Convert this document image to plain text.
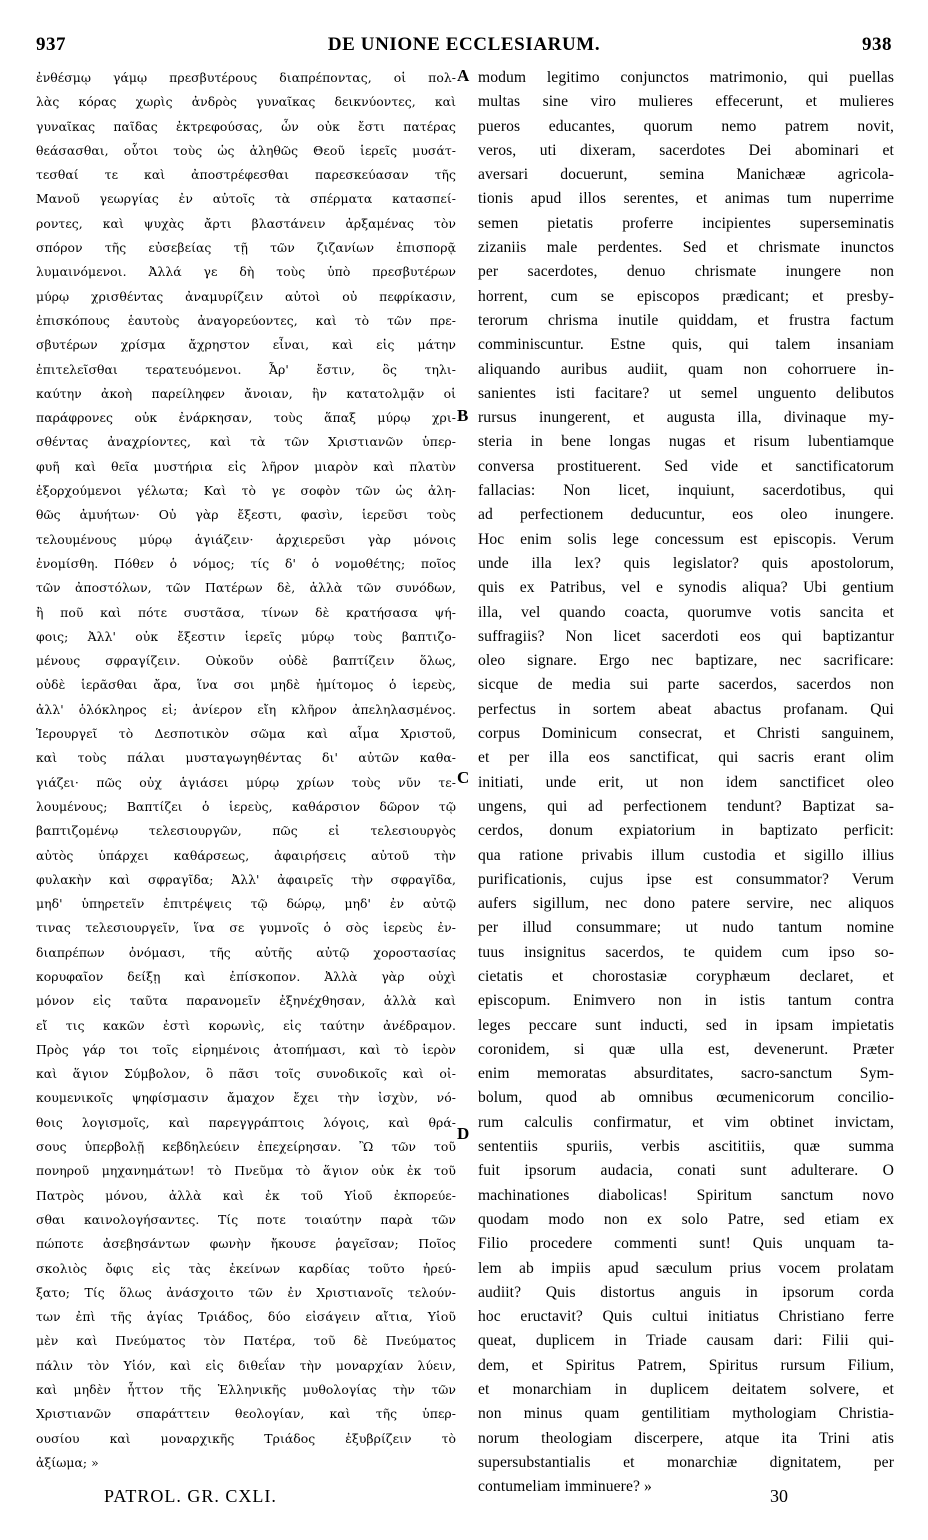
937	DE UNIONE ECCLESIARUM.	938
ἐνθέσμῳ γάμῳ πρεσβυτέρους διαπρέποντας, οἱ πολ-
λὰς κόρας χωρὶς ἀνδρὸς γυναῖκας δεικνύοντες, καὶ
γυναῖκας παῖδας ἐκτρεφούσας, ὧν οὐκ ἔστι πατέρας
θεάσασθαι, οὗτοι τοὺς ὡς ἀληθῶς Θεοῦ ἱερεῖς μυσάτ-
τεσθαί τε καὶ ἀποστρέφεσθαι παρεσκεύασαν τῆς
Μανοῦ γεωργίας ἐν αὐτοῖς τὰ σπέρματα κατασπεί-
ροντες, καὶ ψυχὰς ἄρτι βλαστάνειν ἀρξαμένας τὸν
σπόρον τῆς εὐσεβείας τῇ τῶν ζιζανίων ἐπισπορᾷ
λυμαινόμενοι. Ἀλλά γε δὴ τοὺς ὑπὸ πρεσβυτέρων
μύρῳ χρισθέντας ἀναμυρίζειν αὐτοὶ οὐ πεφρίκασιν,
ἐπισκόπους ἑαυτοὺς ἀναγορεύοντες, καὶ τὸ τῶν πρε-
σβυτέρων χρίσμα ἄχρηστον εἶναι, καὶ εἰς μάτην
ἐπιτελεῖσθαι τερατευόμενοι. Ἆρ' ἔστιν, ὃς τηλι-
καύτην ἀκοὴ παρείληφεν ἄνοιαν, ἣν κατατολμᾷν οἱ
παράφρονες οὐκ ἐνάρκησαν, τοὺς ἅπαξ μύρῳ χρι-
σθέντας ἀναχρίοντες, καὶ τὰ τῶν Χριστιανῶν ὑπερ-
φυῆ καὶ θεῖα μυστήρια εἰς λῆρον μιαρὸν καὶ πλατὺν
ἐξορχούμενοι γέλωτα; Καὶ τὸ γε σοφὸν τῶν ὡς ἀλη-
θῶς ἀμυήτων· Οὐ γὰρ ἔξεστι, φασὶν, ἱερεῦσι τοὺς
τελουμένους μύρῳ ἁγιάζειν· ἀρχιερεῦσι γὰρ μόνοις
ἐνομίσθη. Πόθεν ὁ νόμος; τίς δ' ὁ νομοθέτης; ποῖος
τῶν ἀποστόλων, τῶν Πατέρων δὲ, ἀλλὰ τῶν συνόδων,
ἢ ποῦ καὶ πότε συστᾶσα, τίνων δὲ κρατήσασα ψή-
φοις; Ἀλλ' οὐκ ἔξεστιν ἱερεῖς μύρῳ τοὺς βαπτιζο-
μένους σφραγίζειν. Οὐκοῦν οὐδὲ βαπτίζειν ὅλως,
οὐδὲ ἱερᾶσθαι ἄρα, ἵνα σοι μηδὲ ἡμίτομος ὁ ἱερεὺς,
ἀλλ' ὁλόκληρος εἰ; ἀνίερον εἴη κλῆρον ἀπεληλασμένος.
Ἱερουργεῖ τὸ Δεσποτικὸν σῶμα καὶ αἷμα Χριστοῦ,
καὶ τοὺς πάλαι μυσταγωγηθέντας δι' αὐτῶν καθα-
γιάζει· πῶς οὐχ ἁγιάσει μύρῳ χρίων τοὺς νῦν τε-
λουμένους; Βαπτίζει ὁ ἱερεὺς, καθάρσιον δῶρον τῷ
βαπτιζομένῳ τελεσιουργῶν, πῶς εἰ τελεσιουργὸς
αὐτὸς ὑπάρχει καθάρσεως, ἀφαιρήσεις αὐτοῦ τὴν
φυλακὴν καὶ σφραγῖδα; Ἀλλ' ἀφαιρεῖς τὴν σφραγῖδα,
μηδ' ὑπηρετεῖν ἐπιτρέψεις τῷ δώρῳ, μηδ' ἐν αὐτῷ
τινας τελεσιουργεῖν, ἵνα σε γυμνοῖς ὁ σὸς ἱερεὺς ἐν-
διαπρέπων ὀνόμασι, τῆς αὐτῆς αὐτῷ χοροστασίας
κορυφαῖον δείξῃ καὶ ἐπίσκοπον. Ἀλλὰ γὰρ οὐχὶ
μόνον εἰς ταῦτα παρανομεῖν ἐξηνέχθησαν, ἀλλὰ καὶ
εἴ τις κακῶν ἐστὶ κορωνὶς, εἰς ταύτην ἀνέδραμον.
Πρὸς γάρ τοι τοῖς εἰρημένοις ἀτοπήμασι, καὶ τὸ ἱερὸν
καὶ ἅγιον Σύμβολον, ὃ πᾶσι τοῖς συνοδικοῖς καὶ οἰ-
κουμενικοῖς ψηφίσμασιν ἄμαχον ἔχει τὴν ἰσχὺν, νό-
θοις λογισμοῖς, καὶ παρεγγράπτοις λόγοις, καὶ θρά-
σους ὑπερβολῇ κεβδηλεύειν ἐπεχείρησαν. Ὢ τῶν τοῦ
πονηροῦ μηχανημάτων! τὸ Πνεῦμα τὸ ἅγιον οὐκ ἐκ τοῦ
Πατρὸς μόνου, ἀλλὰ καὶ ἐκ τοῦ Υἱοῦ ἐκπορεύε-
σθαι καινολογήσαντες. Τίς ποτε τοιαύτην παρὰ τῶν
πώποτε ἀσεβησάντων φωνὴν ἤκουσε ῥαγεῖσαν; Ποῖος
σκολιὸς ὄφις εἰς τὰς ἐκείνων καρδίας τοῦτο ἠρεύ-
ξατο; Τίς ὅλως ἀνάσχοιτο τῶν ἐν Χριστιανοῖς τελούν-
των ἐπὶ τῆς ἁγίας Τριάδος, δύο εἰσάγειν αἴτια, Υἱοῦ
μὲν καὶ Πνεύματος τὸν Πατέρα, τοῦ δὲ Πνεύματος
πάλιν τὸν Υἱόν, καὶ εἰς διθεΐαν τὴν μοναρχίαν λύειν,
καὶ μηδὲν ἧττον τῆς Ἑλληνικῆς μυθολογίας τὴν τῶν
Χριστιανῶν σπαράττειν θεολογίαν, καὶ τῆς ὑπερ-
ουσίου καὶ μοναρχικῆς Τριάδος ἐξυβρίζειν τὸ
ἀξίωμα; »
modum legitimo conjunctos matrimonio, qui puellas
multas sine viro mulieres effecerunt, et mulieres
pueros educantes, quorum nemo patrem novit,
veros, uti dixeram, sacerdotes Dei abominari et
aversari docuerunt, semina Manichææ agricola-
tionis apud illos serentes, et animas tum nuperrime
semen pietatis proferre incipientes superseminatis
zizaniis male perdentes. Sed et chrismate inunctos
per sacerdotes, denuo chrismate inungere non
horrent, cum se episcopos prædicant; et presby-
terorum chrisma inutile quiddam, et frustra factum
comminiscuntur. Estne quis, qui talem insaniam
aliquando auribus audiit, quam non cohorruere in-
sanientes isti facitare? ut semel unguento delibutos
rursus inungerent, et augusta illa, divinaque my-
steria in bene longas nugas et risum lubentiamque
conversa prostituerent. Sed vide et sanctificatorum
fallacias: Non licet, inquiunt, sacerdotibus, qui
ad perfectionem deducuntur, eos oleo inungere.
Hoc enim solis lege concessum est episcopis. Verum
unde illa lex? quis legislator? quis apostolorum,
quis ex Patribus, vel e synodis aliqua? Ubi gentium
illa, vel quando coacta, quorumve votis sancita et
suffragiis? Non licet sacerdoti eos qui baptizantur
oleo signare. Ergo nec baptizare, nec sacrificare:
sicque de media sui parte sacerdos, sacerdos non
perfectus in sortem abeat abactus profanam. Qui
corpus Dominicum consecrat, et Christi sanguinem,
et per illa eos sanctificat, qui sacris erant olim
initiati, unde erit, ut non idem sanctificet oleo
ungens, qui ad perfectionem tendunt? Baptizat sa-
cerdos, donum expiatorium in baptizato perficit:
qua ratione privabis illum custodia et sigillo illius
purificationis, cujus ipse est consummator? Verum
aufers sigillum, nec dono patere servire, nec aliquos
per illud consummare; ut nudo tantum nomine
tuus insignitus sacerdos, te quidem cum ipso so-
cietatis et chorostasiæ coryphæum declaret, et
episcopum. Enimvero non in istis tantum contra
leges peccare sunt inducti, sed in ipsam impietatis
coronidem, si quæ ulla est, devenerunt. Præter
enim memoratas absurditates, sacro-sanctum Sym-
bolum, quod ab omnibus œcumenicorum concilio-
rum calculis confirmatur, et vim obtinet invictam,
sententiis spuriis, verbis ascititiis, quæ summa
fuit ipsorum audacia, conati sunt adulterare. O
machinationes diabolicas! Spiritum sanctum novo
quodam modo non ex solo Patre, sed etiam ex
Filio procedere commenti sunt! Quis unquam ta-
lem ab impiis apud sæculum prius vocem prolatam
audiit? Quis distortus anguis in ipsorum corda
hoc eructavit? Quis cultui initiatus Christiano ferre
queat, duplicem in Triade causam dari: Filii qui-
dem, et Spiritus Patrem, Spiritus rursum Filium,
et monarchiam in duplicem deitatem solvere, et
non minus quam gentilitiam mythologiam Christia-
norum theologiam discerpere, atque ita Trini atis
supersubstantialis et monarchiæ dignitatem, per
contumeliam imminuere? »
A
B
C
D
PATROL. GR. CXLI.	30
